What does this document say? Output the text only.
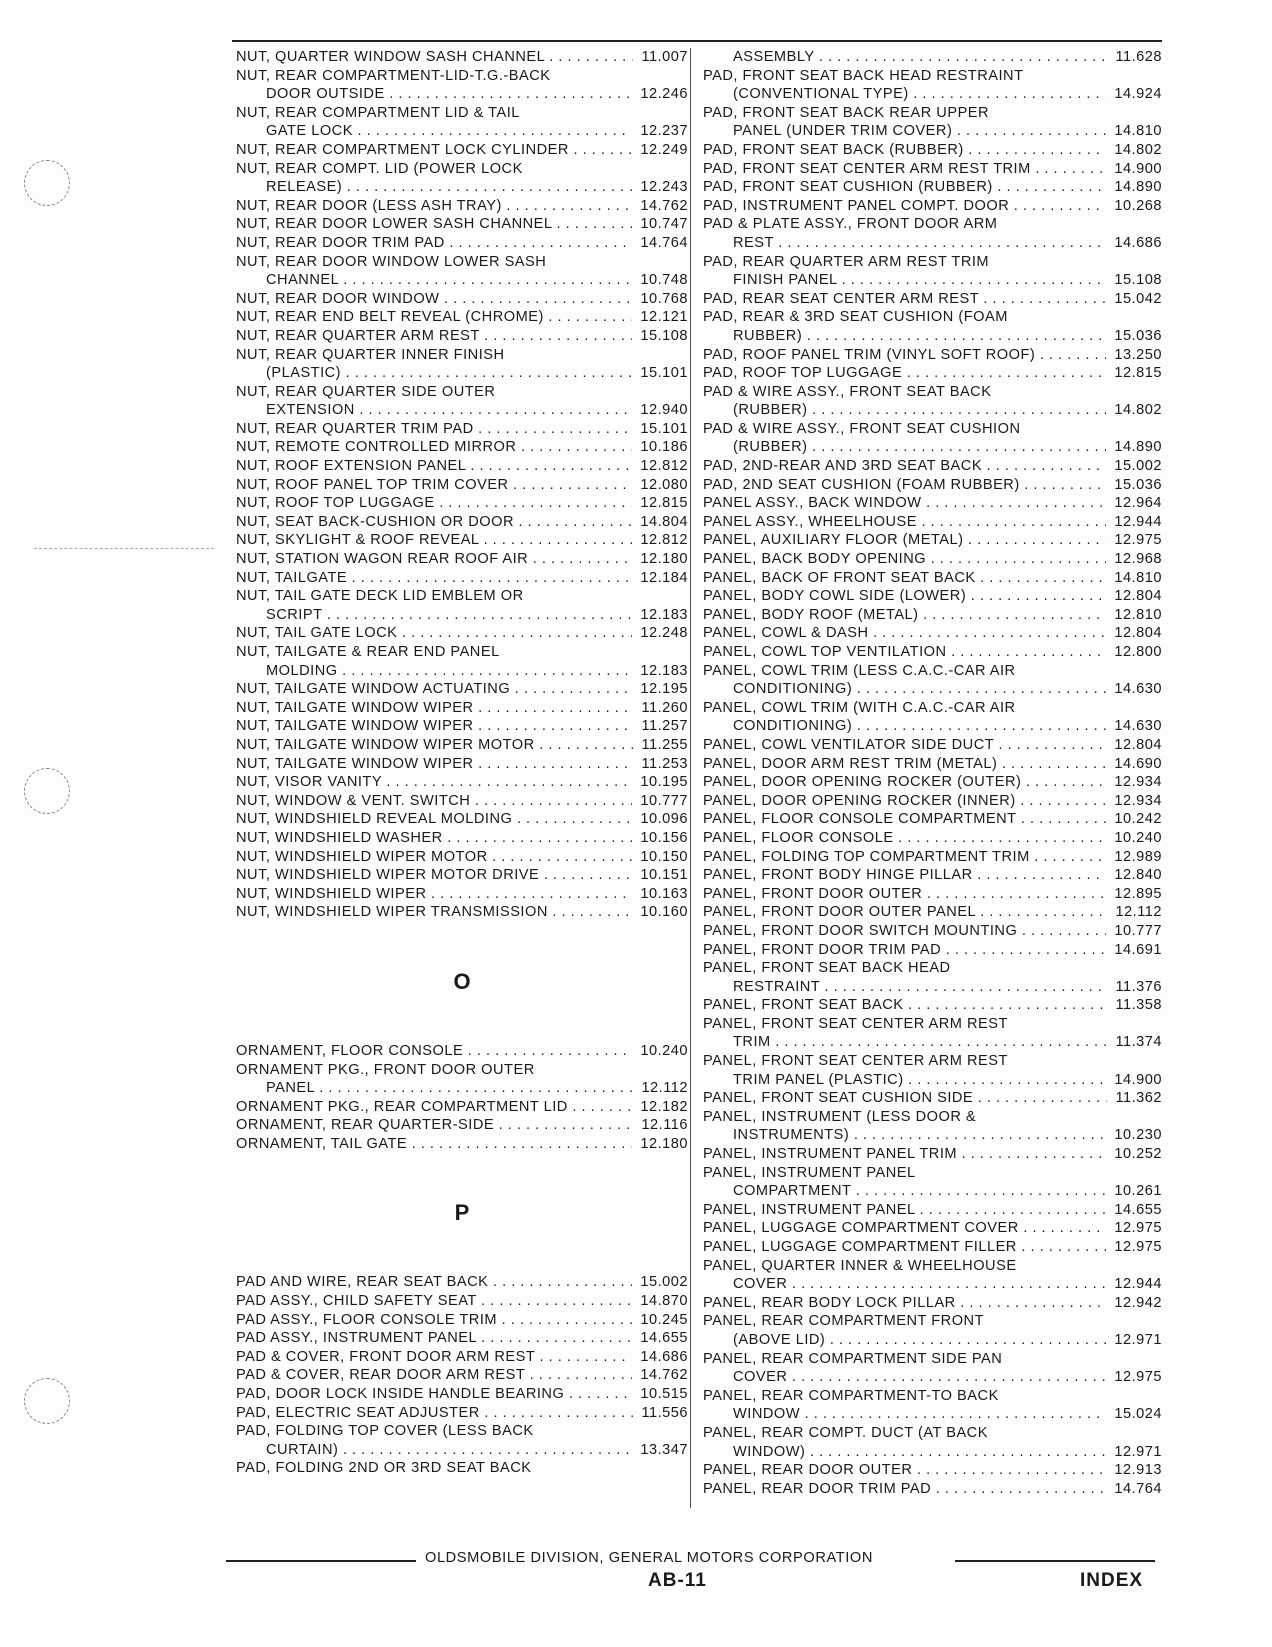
NUT, QUARTER WINDOW SASH CHANNEL . . .	11.007
NUT, REAR COMPARTMENT-LID-T.G.-BACK
DOOR OUTSIDE . . .	12.246
NUT, REAR COMPARTMENT LID & TAIL
GATE LOCK . . .	12.237
NUT, REAR COMPARTMENT LOCK CYLINDER . . .	12.249
NUT, REAR COMPT. LID (POWER LOCK
RELEASE) . . .	12.243
NUT, REAR DOOR (LESS ASH TRAY) . . .	14.762
NUT, REAR DOOR LOWER SASH CHANNEL . . .	10.747
NUT, REAR DOOR TRIM PAD . . .	14.764
NUT, REAR DOOR WINDOW LOWER SASH
CHANNEL . . .	10.748
NUT, REAR DOOR WINDOW . . .	10.768
NUT, REAR END BELT REVEAL (CHROME) . . .	12.121
NUT, REAR QUARTER ARM REST . . .	15.108
NUT, REAR QUARTER INNER FINISH
(PLASTIC) . . .	15.101
NUT, REAR QUARTER SIDE OUTER
EXTENSION . . .	12.940
NUT, REAR QUARTER TRIM PAD . . .	15.101
NUT, REMOTE CONTROLLED MIRROR . . .	10.186
NUT, ROOF EXTENSION PANEL . . .	12.812
NUT, ROOF PANEL TOP TRIM COVER . . .	12.080
NUT, ROOF TOP LUGGAGE . . .	12.815
NUT, SEAT BACK-CUSHION OR DOOR . . .	14.804
NUT, SKYLIGHT & ROOF REVEAL . . .	12.812
NUT, STATION WAGON REAR ROOF AIR . . .	12.180
NUT, TAILGATE . . .	12.184
NUT, TAIL GATE DECK LID EMBLEM OR
SCRIPT . . .	12.183
NUT, TAIL GATE LOCK . . .	12.248
NUT, TAILGATE & REAR END PANEL
MOLDING . . .	12.183
NUT, TAILGATE WINDOW ACTUATING . . .	12.195
NUT, TAILGATE WINDOW WIPER . . .	11.260
NUT, TAILGATE WINDOW WIPER . . .	11.257
NUT, TAILGATE WINDOW WIPER MOTOR . . .	11.255
NUT, TAILGATE WINDOW WIPER . . .	11.253
NUT, VISOR VANITY . . .	10.195
NUT, WINDOW & VENT. SWITCH . . .	10.777
NUT, WINDSHIELD REVEAL MOLDING . . .	10.096
NUT, WINDSHIELD WASHER . . .	10.156
NUT, WINDSHIELD WIPER MOTOR . . .	10.150
NUT, WINDSHIELD WIPER MOTOR DRIVE . . .	10.151
NUT, WINDSHIELD WIPER . . .	10.163
NUT, WINDSHIELD WIPER TRANSMISSION . . .	10.160
O
ORNAMENT, FLOOR CONSOLE . . .	10.240
ORNAMENT PKG., FRONT DOOR OUTER
PANEL . . .	12.112
ORNAMENT PKG., REAR COMPARTMENT LID . . .	12.182
ORNAMENT, REAR QUARTER-SIDE . . .	12.116
ORNAMENT, TAIL GATE . . .	12.180
P
PAD AND WIRE, REAR SEAT BACK . . .	15.002
PAD ASSY., CHILD SAFETY SEAT . . .	14.870
PAD ASSY., FLOOR CONSOLE TRIM . . .	10.245
PAD ASSY., INSTRUMENT PANEL . . .	14.655
PAD & COVER, FRONT DOOR ARM REST . . .	14.686
PAD & COVER, REAR DOOR ARM REST . . .	14.762
PAD, DOOR LOCK INSIDE HANDLE BEARING . . .	10.515
PAD, ELECTRIC SEAT ADJUSTER . . .	11.556
PAD, FOLDING TOP COVER (LESS BACK
CURTAIN) . . .	13.347
PAD, FOLDING 2ND OR 3RD SEAT BACK
ASSEMBLY . . .	11.628
PAD, FRONT SEAT BACK HEAD RESTRAINT
(CONVENTIONAL TYPE) . . .	14.924
PAD, FRONT SEAT BACK REAR UPPER
PANEL (UNDER TRIM COVER) . . .	14.810
PAD, FRONT SEAT BACK (RUBBER) . . .	14.802
PAD, FRONT SEAT CENTER ARM REST TRIM . . .	14.900
PAD, FRONT SEAT CUSHION (RUBBER) . . .	14.890
PAD, INSTRUMENT PANEL COMPT. DOOR . . .	10.268
PAD & PLATE ASSY., FRONT DOOR ARM
REST . . .	14.686
PAD, REAR QUARTER ARM REST TRIM
FINISH PANEL . . .	15.108
PAD, REAR SEAT CENTER ARM REST . . .	15.042
PAD, REAR & 3RD SEAT CUSHION (FOAM
RUBBER) . . .	15.036
PAD, ROOF PANEL TRIM (VINYL SOFT ROOF) . . .	13.250
PAD, ROOF TOP LUGGAGE . . .	12.815
PAD & WIRE ASSY., FRONT SEAT BACK
(RUBBER) . . .	14.802
PAD & WIRE ASSY., FRONT SEAT CUSHION
(RUBBER) . . .	14.890
PAD, 2ND-REAR AND 3RD SEAT BACK . . .	15.002
PAD, 2ND SEAT CUSHION (FOAM RUBBER) . . .	15.036
PANEL ASSY., BACK WINDOW . . .	12.964
PANEL ASSY., WHEELHOUSE . . .	12.944
PANEL, AUXILIARY FLOOR (METAL) . . .	12.975
PANEL, BACK BODY OPENING . . .	12.968
PANEL, BACK OF FRONT SEAT BACK . . .	14.810
PANEL, BODY COWL SIDE (LOWER) . . .	12.804
PANEL, BODY ROOF (METAL) . . .	12.810
PANEL, COWL & DASH . . .	12.804
PANEL, COWL TOP VENTILATION . . .	12.800
PANEL, COWL TRIM (LESS C.A.C.-CAR AIR
CONDITIONING) . . .	14.630
PANEL, COWL TRIM (WITH C.A.C.-CAR AIR
CONDITIONING) . . .	14.630
PANEL, COWL VENTILATOR SIDE DUCT . . .	12.804
PANEL, DOOR ARM REST TRIM (METAL) . . .	14.690
PANEL, DOOR OPENING ROCKER (OUTER) . . .	12.934
PANEL, DOOR OPENING ROCKER (INNER) . . .	12.934
PANEL, FLOOR CONSOLE COMPARTMENT . . .	10.242
PANEL, FLOOR CONSOLE . . .	10.240
PANEL, FOLDING TOP COMPARTMENT TRIM . . .	12.989
PANEL, FRONT BODY HINGE PILLAR . . .	12.840
PANEL, FRONT DOOR OUTER . . .	12.895
PANEL, FRONT DOOR OUTER PANEL . . .	12.112
PANEL, FRONT DOOR SWITCH MOUNTING . . .	10.777
PANEL, FRONT DOOR TRIM PAD . . .	14.691
PANEL, FRONT SEAT BACK HEAD
RESTRAINT . . .	11.376
PANEL, FRONT SEAT BACK . . .	11.358
PANEL, FRONT SEAT CENTER ARM REST
TRIM . . .	11.374
PANEL, FRONT SEAT CENTER ARM REST
TRIM PANEL (PLASTIC) . . .	14.900
PANEL, FRONT SEAT CUSHION SIDE . . .	11.362
PANEL, INSTRUMENT (LESS DOOR &
INSTRUMENTS) . . .	10.230
PANEL, INSTRUMENT PANEL TRIM . . .	10.252
PANEL, INSTRUMENT PANEL
COMPARTMENT . . .	10.261
PANEL, INSTRUMENT PANEL . . .	14.655
PANEL, LUGGAGE COMPARTMENT COVER . . .	12.975
PANEL, LUGGAGE COMPARTMENT FILLER . . .	12.975
PANEL, QUARTER INNER & WHEELHOUSE
COVER . . .	12.944
PANEL, REAR BODY LOCK PILLAR . . .	12.942
PANEL, REAR COMPARTMENT FRONT
(ABOVE LID) . . .	12.971
PANEL, REAR COMPARTMENT SIDE PAN
COVER . . .	12.975
PANEL, REAR COMPARTMENT-TO BACK
WINDOW . . .	15.024
PANEL, REAR COMPT. DUCT (AT BACK
WINDOW) . . .	12.971
PANEL, REAR DOOR OUTER . . .	12.913
PANEL, REAR DOOR TRIM PAD . . .	14.764
OLDSMOBILE DIVISION, GENERAL MOTORS CORPORATION
AB-11	INDEX
